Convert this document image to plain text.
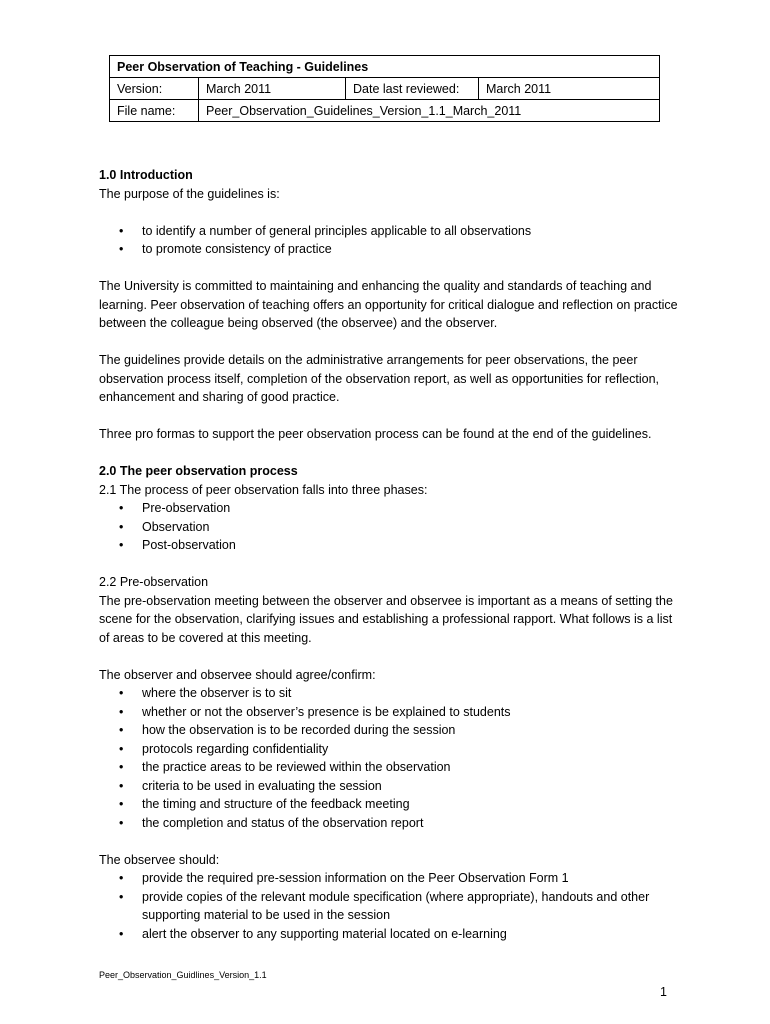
Peer Observation of Teaching - Guidelines			
Version:	March 2011	Date last reviewed:	March 2011
File name:	Peer_Observation_Guidelines_Version_1.1_March_2011		

1.0 Introduction

The purpose of the guidelines is:

• to identify a number of general principles applicable to all observations
• to promote consistency of practice

The University is committed to maintaining and enhancing the quality and standards of teaching and learning. Peer observation of teaching offers an opportunity for critical dialogue and reflection on practice between the colleague being observed (the observee) and the observer.

The guidelines provide details on the administrative arrangements for peer observations, the peer observation process itself, completion of the observation report, as well as opportunities for reflection, enhancement and sharing of good practice.

Three pro formas to support the peer observation process can be found at the end of the guidelines.

2.0 The peer observation process

2.1 The process of peer observation falls into three phases:

• Pre-observation
• Observation
• Post-observation

2.2 Pre-observation

The pre-observation meeting between the observer and observee is important as a means of setting the scene for the observation, clarifying issues and establishing a professional rapport. What follows is a list of areas to be covered at this meeting.

The observer and observee should agree/confirm:

• where the observer is to sit
• whether or not the observer’s presence is be explained to students
• how the observation is to be recorded during the session
• protocols regarding confidentiality
• the practice areas to be reviewed within the observation
• criteria to be used in evaluating the session
• the timing and structure of the feedback meeting
• the completion and status of the observation report

The observee should:

• provide the required pre-session information on the Peer Observation Form 1
• provide copies of the relevant module specification (where appropriate), handouts and other supporting material to be used in the session
• alert the observer to any supporting material located on e-learning
Peer_Observation_Guidlines_Version_1.1
1
